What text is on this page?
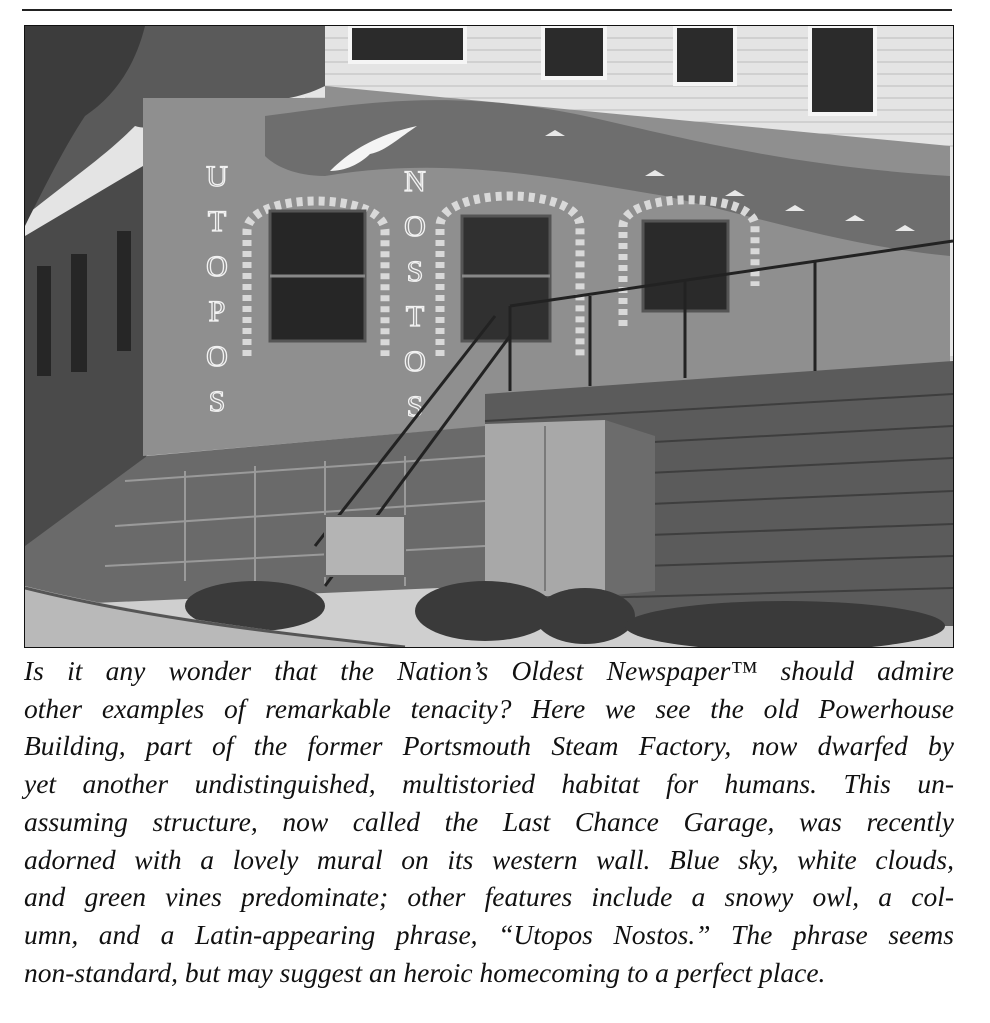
U T O P O S
N O S T O S
Is it any wonder that the Nation’s Oldest Newspaper™ should admire
other examples of remarkable tenacity? Here we see the old Powerhouse
Building, part of the former Portsmouth Steam Factory, now dwarfed by
yet another undistinguished, multistoried habitat for humans. This un-
assuming structure, now called the Last Chance Garage, was recently
adorned with a lovely mural on its western wall. Blue sky, white clouds,
and green vines predominate; other features include a snowy owl, a col-
umn, and a Latin-appearing phrase, “Utopos Nostos.” The phrase seems
non-standard, but may suggest an heroic homecoming to a perfect place.
